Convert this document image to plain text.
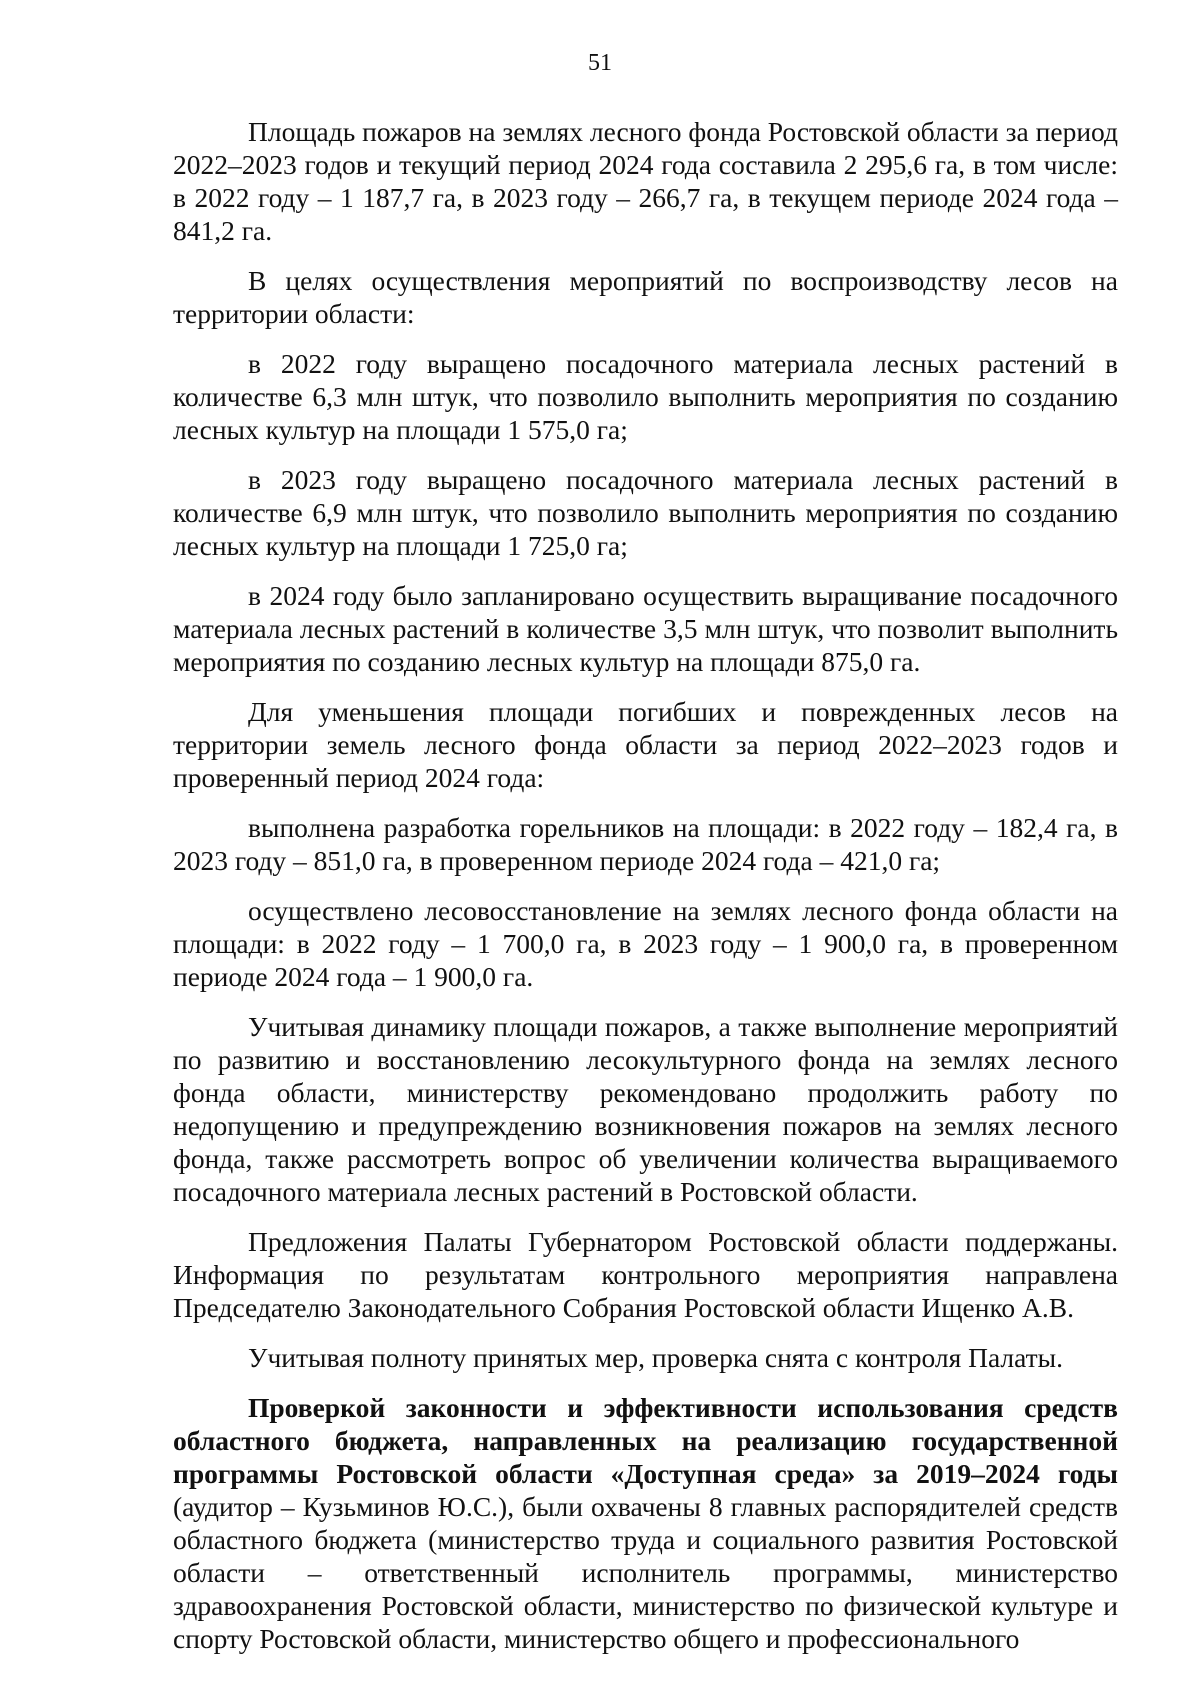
51

Площадь пожаров на землях лесного фонда Ростовской области за период 2022–2023 годов и текущий период 2024 года составила 2 295,6 га, в том числе: в 2022 году – 1 187,7 га, в 2023 году – 266,7 га, в текущем периоде 2024 года – 841,2 га.

В целях осуществления мероприятий по воспроизводству лесов на территории области:

в 2022 году выращено посадочного материала лесных растений в количестве 6,3 млн штук, что позволило выполнить мероприятия по созданию лесных культур на площади 1 575,0 га;

в 2023 году выращено посадочного материала лесных растений в количестве 6,9 млн штук, что позволило выполнить мероприятия по созданию лесных культур на площади 1 725,0 га;

в 2024 году было запланировано осуществить выращивание посадочного материала лесных растений в количестве 3,5 млн штук, что позволит выполнить мероприятия по созданию лесных культур на площади 875,0 га.

Для уменьшения площади погибших и поврежденных лесов на территории земель лесного фонда области за период 2022–2023 годов и проверенный период 2024 года:

выполнена разработка горельников на площади: в 2022 году – 182,4 га, в 2023 году – 851,0 га, в проверенном периоде 2024 года – 421,0 га;

осуществлено лесовосстановление на землях лесного фонда области на площади: в 2022 году – 1 700,0 га, в 2023 году – 1 900,0 га, в проверенном периоде 2024 года – 1 900,0 га.

Учитывая динамику площади пожаров, а также выполнение мероприятий по развитию и восстановлению лесокультурного фонда на землях лесного фонда области, министерству рекомендовано продолжить работу по недопущению и предупреждению возникновения пожаров на землях лесного фонда, также рассмотреть вопрос об увеличении количества выращиваемого посадочного материала лесных растений в Ростовской области.

Предложения Палаты Губернатором Ростовской области поддержаны. Информация по результатам контрольного мероприятия направлена Председателю Законодательного Собрания Ростовской области Ищенко А.В.

Учитывая полноту принятых мер, проверка снята с контроля Палаты.

Проверкой законности и эффективности использования средств областного бюджета, направленных на реализацию государственной программы Ростовской области «Доступная среда» за 2019–2024 годы (аудитор – Кузьминов Ю.С.), были охвачены 8 главных распорядителей средств областного бюджета (министерство труда и социального развития Ростовской области – ответственный исполнитель программы, министерство здравоохранения Ростовской области, министерство по физической культуре и спорту Ростовской области, министерство общего и профессионального
